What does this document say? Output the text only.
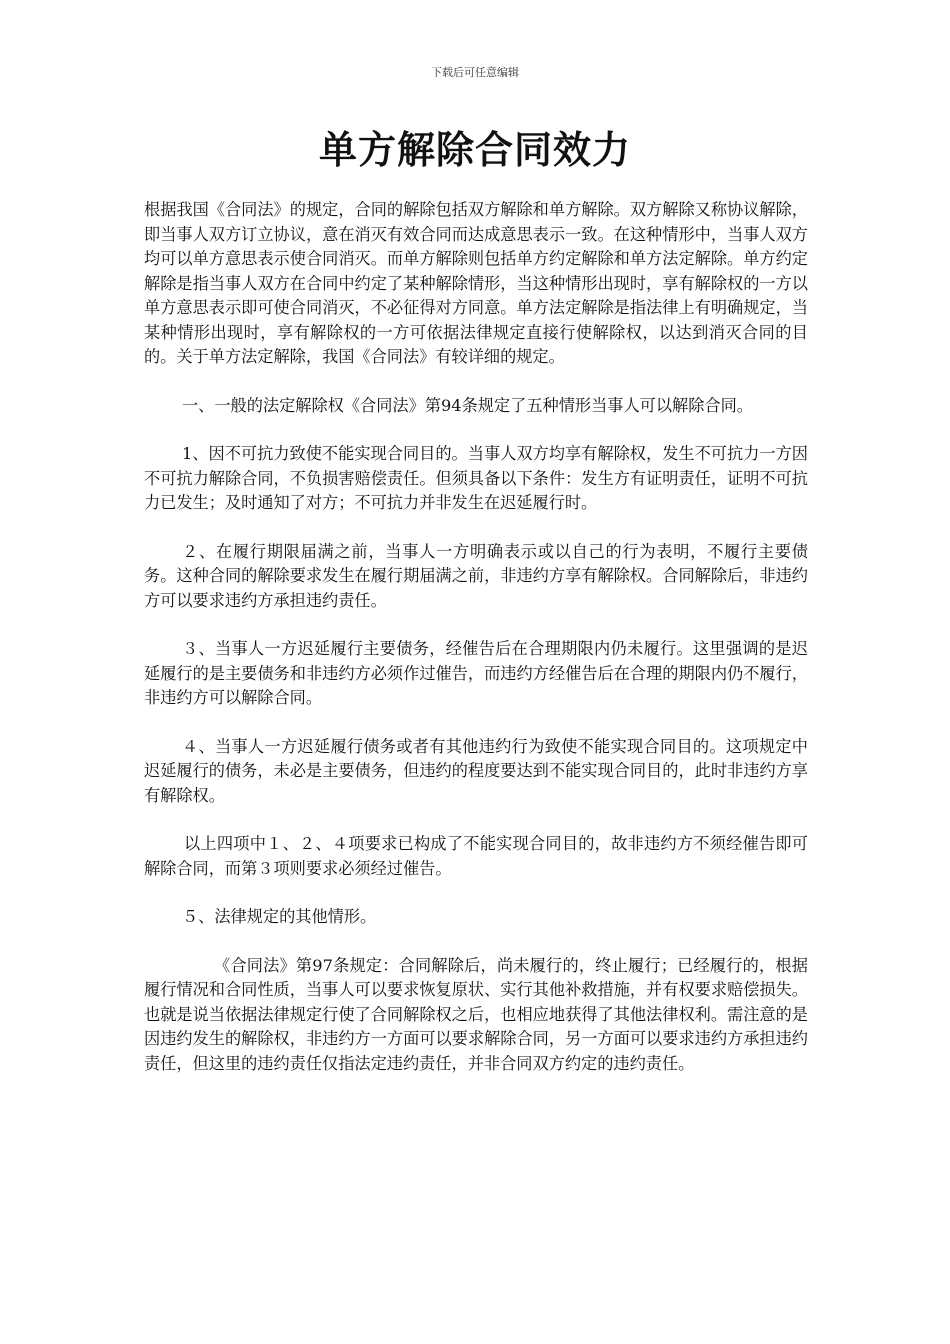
下载后可任意编辑
单方解除合同效力

根据我国《合同法》的规定，合同的解除包括双方解除和单方解除。双方解除又称协议解除，即当事人双方订立协议，意在消灭有效合同而达成意思表示一致。在这种情形中，当事人双方均可以单方意思表示使合同消灭。而单方解除则包括单方约定解除和单方法定解除。单方约定解除是指当事人双方在合同中约定了某种解除情形，当这种情形出现时，享有解除权的一方以单方意思表示即可使合同消灭，不必征得对方同意。单方法定解除是指法律上有明确规定，当某种情形出现时，享有解除权的一方可依据法律规定直接行使解除权，以达到消灭合同的目的。关于单方法定解除，我国《合同法》有较详细的规定。

一、一般的法定解除权《合同法》第94条规定了五种情形当事人可以解除合同。

1、因不可抗力致使不能实现合同目的。当事人双方均享有解除权，发生不可抗力一方因不可抗力解除合同，不负损害赔偿责任。但须具备以下条件：发生方有证明责任，证明不可抗力已发生；及时通知了对方；不可抗力并非发生在迟延履行时。

２、在履行期限届满之前，当事人一方明确表示或以自己的行为表明，不履行主要债务。这种合同的解除要求发生在履行期届满之前，非违约方享有解除权。合同解除后，非违约方可以要求违约方承担违约责任。

３、当事人一方迟延履行主要债务，经催告后在合理期限内仍未履行。这里强调的是迟延履行的是主要债务和非违约方必须作过催告，而违约方经催告后在合理的期限内仍不履行，非违约方可以解除合同。

４、当事人一方迟延履行债务或者有其他违约行为致使不能实现合同目的。这项规定中迟延履行的债务，未必是主要债务，但违约的程度要达到不能实现合同目的，此时非违约方享有解除权。

以上四项中１、２、４项要求已构成了不能实现合同目的，故非违约方不须经催告即可解除合同，而第３项则要求必须经过催告。

５、法律规定的其他情形。

《合同法》第97条规定：合同解除后，尚未履行的，终止履行；已经履行的，根据履行情况和合同性质，当事人可以要求恢复原状、实行其他补救措施，并有权要求赔偿损失。也就是说当依据法律规定行使了合同解除权之后，也相应地获得了其他法律权利。需注意的是因违约发生的解除权，非违约方一方面可以要求解除合同，另一方面可以要求违约方承担违约责任，但这里的违约责任仅指法定违约责任，并非合同双方约定的违约责任。
